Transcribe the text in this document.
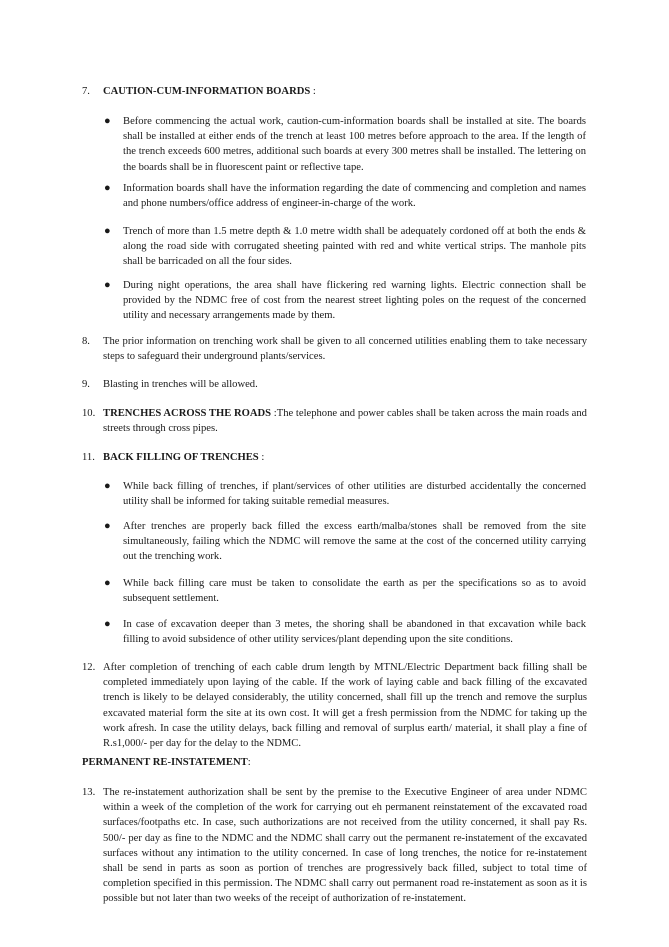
7. CAUTION-CUM-INFORMATION BOARDS :
● Before commencing the actual work, caution-cum-information boards shall be installed at site. The boards shall be installed at either ends of the trench at least 100 metres before approach to the area. If the length of the trench exceeds 600 metres, additional such boards at every 300 metres shall be installed. The lettering on the boards shall be in fluorescent paint or reflective tape.
● Information boards shall have the information regarding the date of commencing and completion and names and phone numbers/office address of engineer-in-charge of the work.
● Trench of more than 1.5 metre depth & 1.0 metre width shall be adequately cordoned off at both the ends & along the road side with corrugated sheeting painted with red and white vertical strips. The manhole pits shall be barricaded on all the four sides.
● During night operations, the area shall have flickering red warning lights. Electric connection shall be provided by the NDMC free of cost from the nearest street lighting poles on the request of the concerned utility and necessary arrangements made by them.
8. The prior information on trenching work shall be given to all concerned utilities enabling them to take necessary steps to safeguard their underground plants/services.
9. Blasting in trenches will be allowed.
10. TRENCHES ACROSS THE ROADS :The telephone and power cables shall be taken across the main roads and streets through cross pipes.
11. BACK FILLING OF TRENCHES :
● While back filling of trenches, if plant/services of other utilities are disturbed accidentally the concerned utility shall be informed for taking suitable remedial measures.
● After trenches are properly back filled the excess earth/malba/stones shall be removed from the site simultaneously, failing which the NDMC will remove the same at the cost of the concerned utility carrying out the trenching work.
● While back filling care must be taken to consolidate the earth as per the specifications so as to avoid subsequent settlement.
● In case of excavation deeper than 3 metes, the shoring shall be abandoned in that excavation while back filling to avoid subsidence of other utility services/plant depending upon the site conditions.
12. After completion of trenching of each cable drum length by MTNL/Electric Department back filling shall be completed immediately upon laying of the cable. If the work of laying cable and back filling of the excavated trench is likely to be delayed considerably, the utility concerned, shall fill up the trench and remove the surplus excavated material form the site at its own cost. It will get a fresh permission from the NDMC for taking up the work afresh. In case the utility delays, back filling and removal of surplus earth/ material, it shall play a fine of R.s1,000/- per day for the delay to the NDMC.
PERMANENT RE-INSTATEMENT:
13. The re-instatement authorization shall be sent by the premise to the Executive Engineer of area under NDMC within a week of the completion of the work for carrying out eh permanent reinstatement of the excavated road surfaces/footpaths etc. In case, such authorizations are not received from the utility concerned, it shall pay Rs. 500/- per day as fine to the NDMC and the NDMC shall carry out the permanent re-instatement of the excavated surfaces without any intimation to the utility concerned. In case of long trenches, the notice for re-instatement shall be send in parts as soon as portion of trenches are progressively back filled, subject to total time of completion specified in this permission. The NDMC shall carry out permanent road re-instatement as soon as it is possible but not later than two weeks of the receipt of authorization of re-instatement.
